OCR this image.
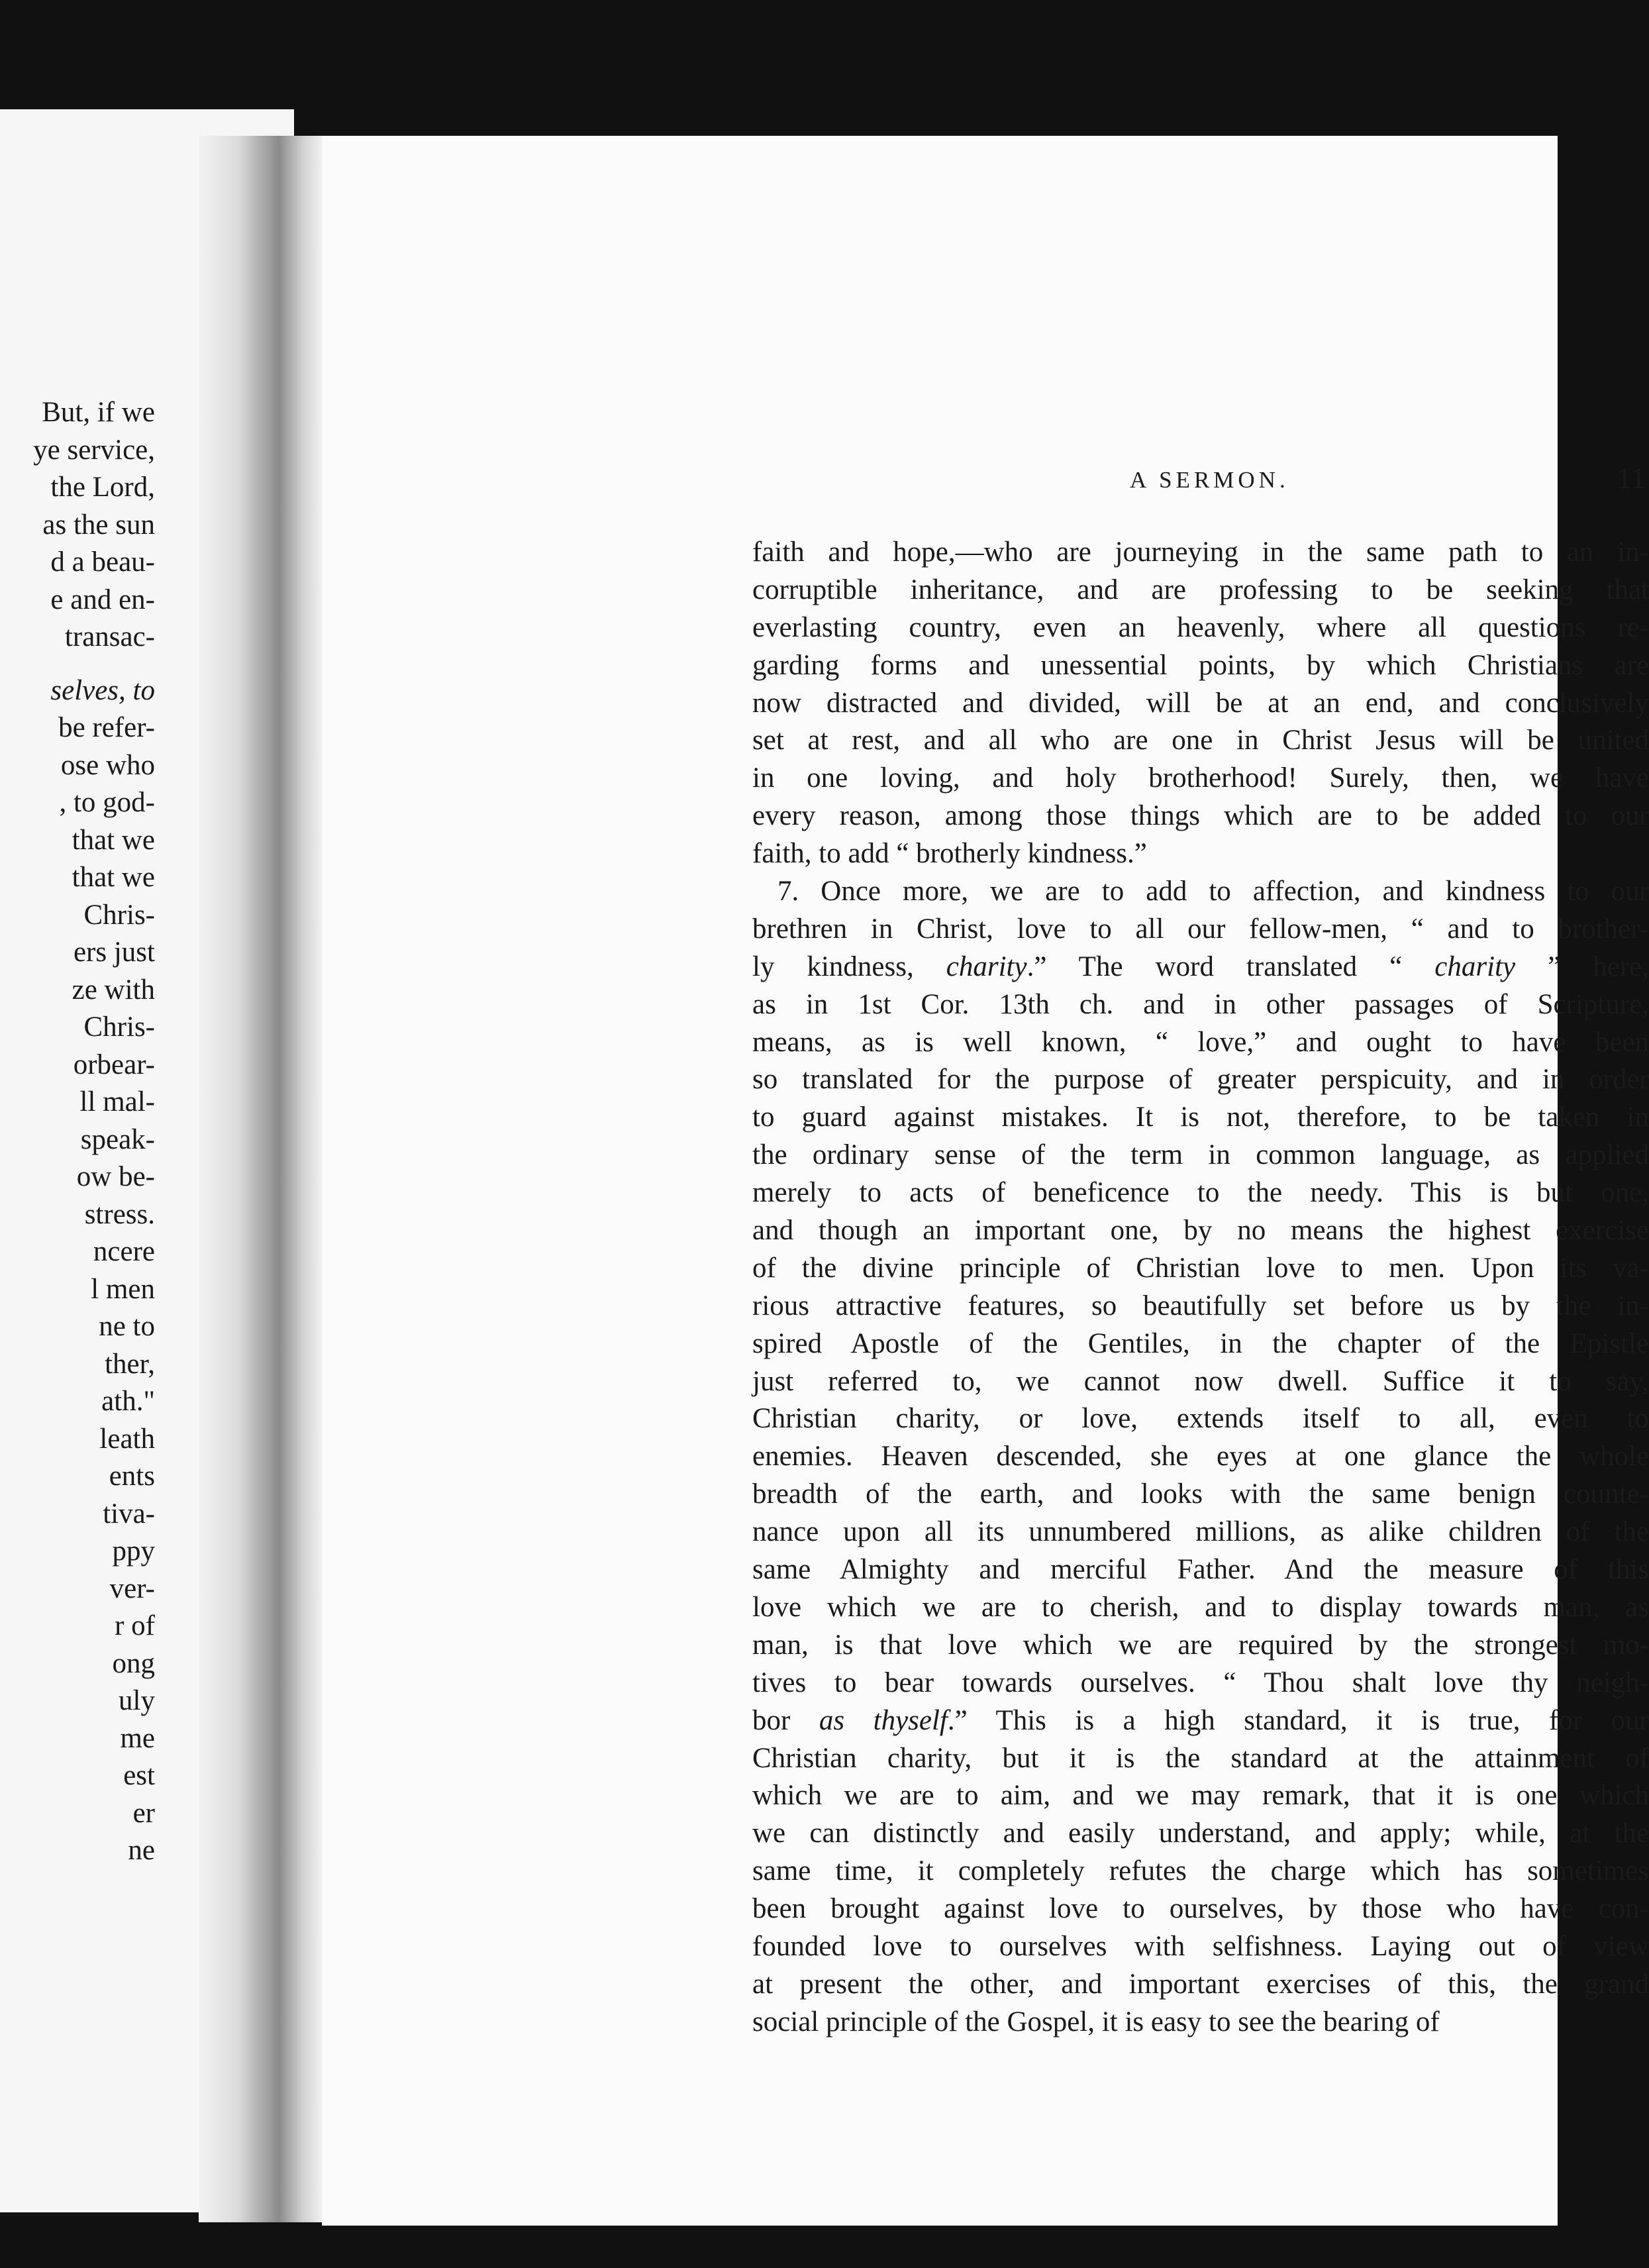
But, if we
ye service,
the Lord,
as the sun
d a beau-
e and en-
transac-
selves, to
be refer-
ose who
, to god-
that we
that we
Chris-
ers just
ze with
Chris-
orbear-
ll mal-
speak-
ow be-
stress.
ncere
l men
ne to
ther,
ath."
leath
ents
tiva-
ppy
ver-
r of
ong
uly
me
est
er
ne
A SERMON.	11
faith and hope,—who are journeying in the same path to an in-
corruptible inheritance, and are professing to be seeking that
everlasting country, even an heavenly, where all questions re-
garding forms and unessential points, by which Christians are
now distracted and divided, will be at an end, and conclusively
set at rest, and all who are one in Christ Jesus will be united
in one loving, and holy brotherhood! Surely, then, we have
every reason, among those things which are to be added to our
faith, to add “ brotherly kindness.”
7. Once more, we are to add to affection, and kindness to our
brethren in Christ, love to all our fellow-men, “ and to brother-
ly kindness, charity.” The word translated “ charity ” here,
as in 1st Cor. 13th ch. and in other passages of Scripture,
means, as is well known, “ love,” and ought to have been
so translated for the purpose of greater perspicuity, and in order
to guard against mistakes. It is not, therefore, to be taken in
the ordinary sense of the term in common language, as applied
merely to acts of beneficence to the needy. This is but one,
and though an important one, by no means the highest exercise
of the divine principle of Christian love to men. Upon its va-
rious attractive features, so beautifully set before us by the in-
spired Apostle of the Gentiles, in the chapter of the Epistle
just referred to, we cannot now dwell. Suffice it to say,
Christian charity, or love, extends itself to all, even to
enemies. Heaven descended, she eyes at one glance the whole
breadth of the earth, and looks with the same benign counte-
nance upon all its unnumbered millions, as alike children of the
same Almighty and merciful Father. And the measure of this
love which we are to cherish, and to display towards man, as
man, is that love which we are required by the strongest mo-
tives to bear towards ourselves. “ Thou shalt love thy neigh-
bor as thyself.” This is a high standard, it is true, for our
Christian charity, but it is the standard at the attainment of
which we are to aim, and we may remark, that it is one which
we can distinctly and easily understand, and apply; while, at the
same time, it completely refutes the charge which has sometimes
been brought against love to ourselves, by those who have con-
founded love to ourselves with selfishness. Laying out of view
at present the other, and important exercises of this, the grand
social principle of the Gospel, it is easy to see the bearing of
